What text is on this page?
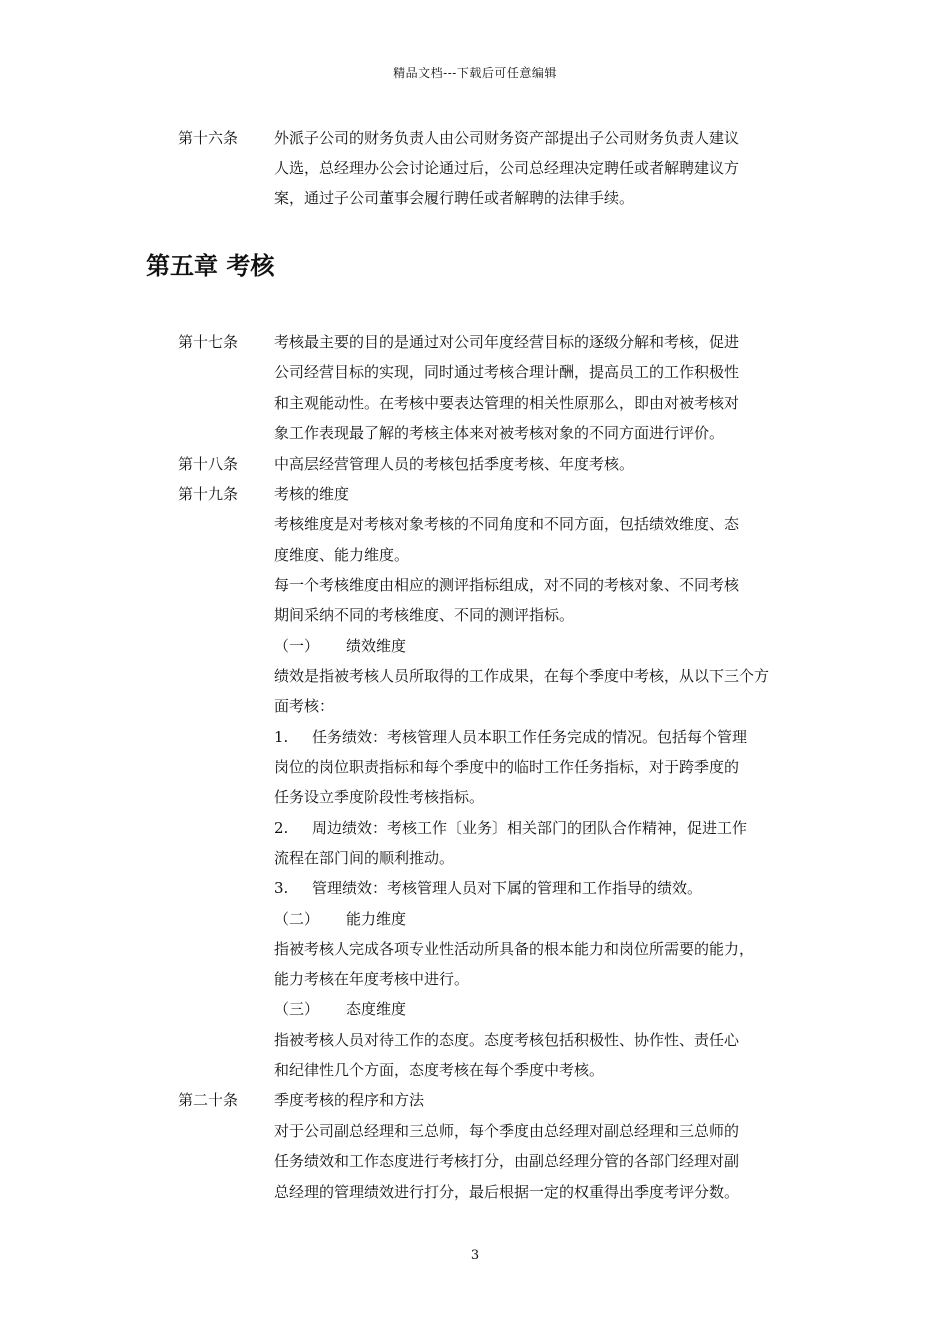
精品文档---下载后可任意编辑
第十六条 外派子公司的财务负责人由公司财务资产部提出子公司财务负责人建议
人选，总经理办公会讨论通过后，公司总经理决定聘任或者解聘建议方
案，通过子公司董事会履行聘任或者解聘的法律手续。
第五章 考核
第十七条 考核最主要的目的是通过对公司年度经营目标的逐级分解和考核，促进
公司经营目标的实现，同时通过考核合理计酬，提高员工的工作积极性
和主观能动性。在考核中要表达管理的相关性原那么，即由对被考核对
象工作表现最了解的考核主体来对被考核对象的不同方面进行评价。
第十八条 中高层经营管理人员的考核包括季度考核、年度考核。
第十九条 考核的维度
考核维度是对考核对象考核的不同角度和不同方面，包括绩效维度、态
度维度、能力维度。
每一个考核维度由相应的测评指标组成，对不同的考核对象、不同考核
期间采纳不同的考核维度、不同的测评指标。
（一） 绩效维度
绩效是指被考核人员所取得的工作成果，在每个季度中考核，从以下三个方
面考核：
1. 任务绩效：考核管理人员本职工作任务完成的情况。包括每个管理
岗位的岗位职责指标和每个季度中的临时工作任务指标，对于跨季度的
任务设立季度阶段性考核指标。
2. 周边绩效：考核工作〔业务〕相关部门的团队合作精神，促进工作
流程在部门间的顺利推动。
3. 管理绩效：考核管理人员对下属的管理和工作指导的绩效。
（二） 能力维度
指被考核人完成各项专业性活动所具备的根本能力和岗位所需要的能力，
能力考核在年度考核中进行。
（三） 态度维度
指被考核人员对待工作的态度。态度考核包括积极性、协作性、责任心
和纪律性几个方面，态度考核在每个季度中考核。
第二十条 季度考核的程序和方法
对于公司副总经理和三总师，每个季度由总经理对副总经理和三总师的
任务绩效和工作态度进行考核打分，由副总经理分管的各部门经理对副
总经理的管理绩效进行打分，最后根据一定的权重得出季度考评分数。
3
